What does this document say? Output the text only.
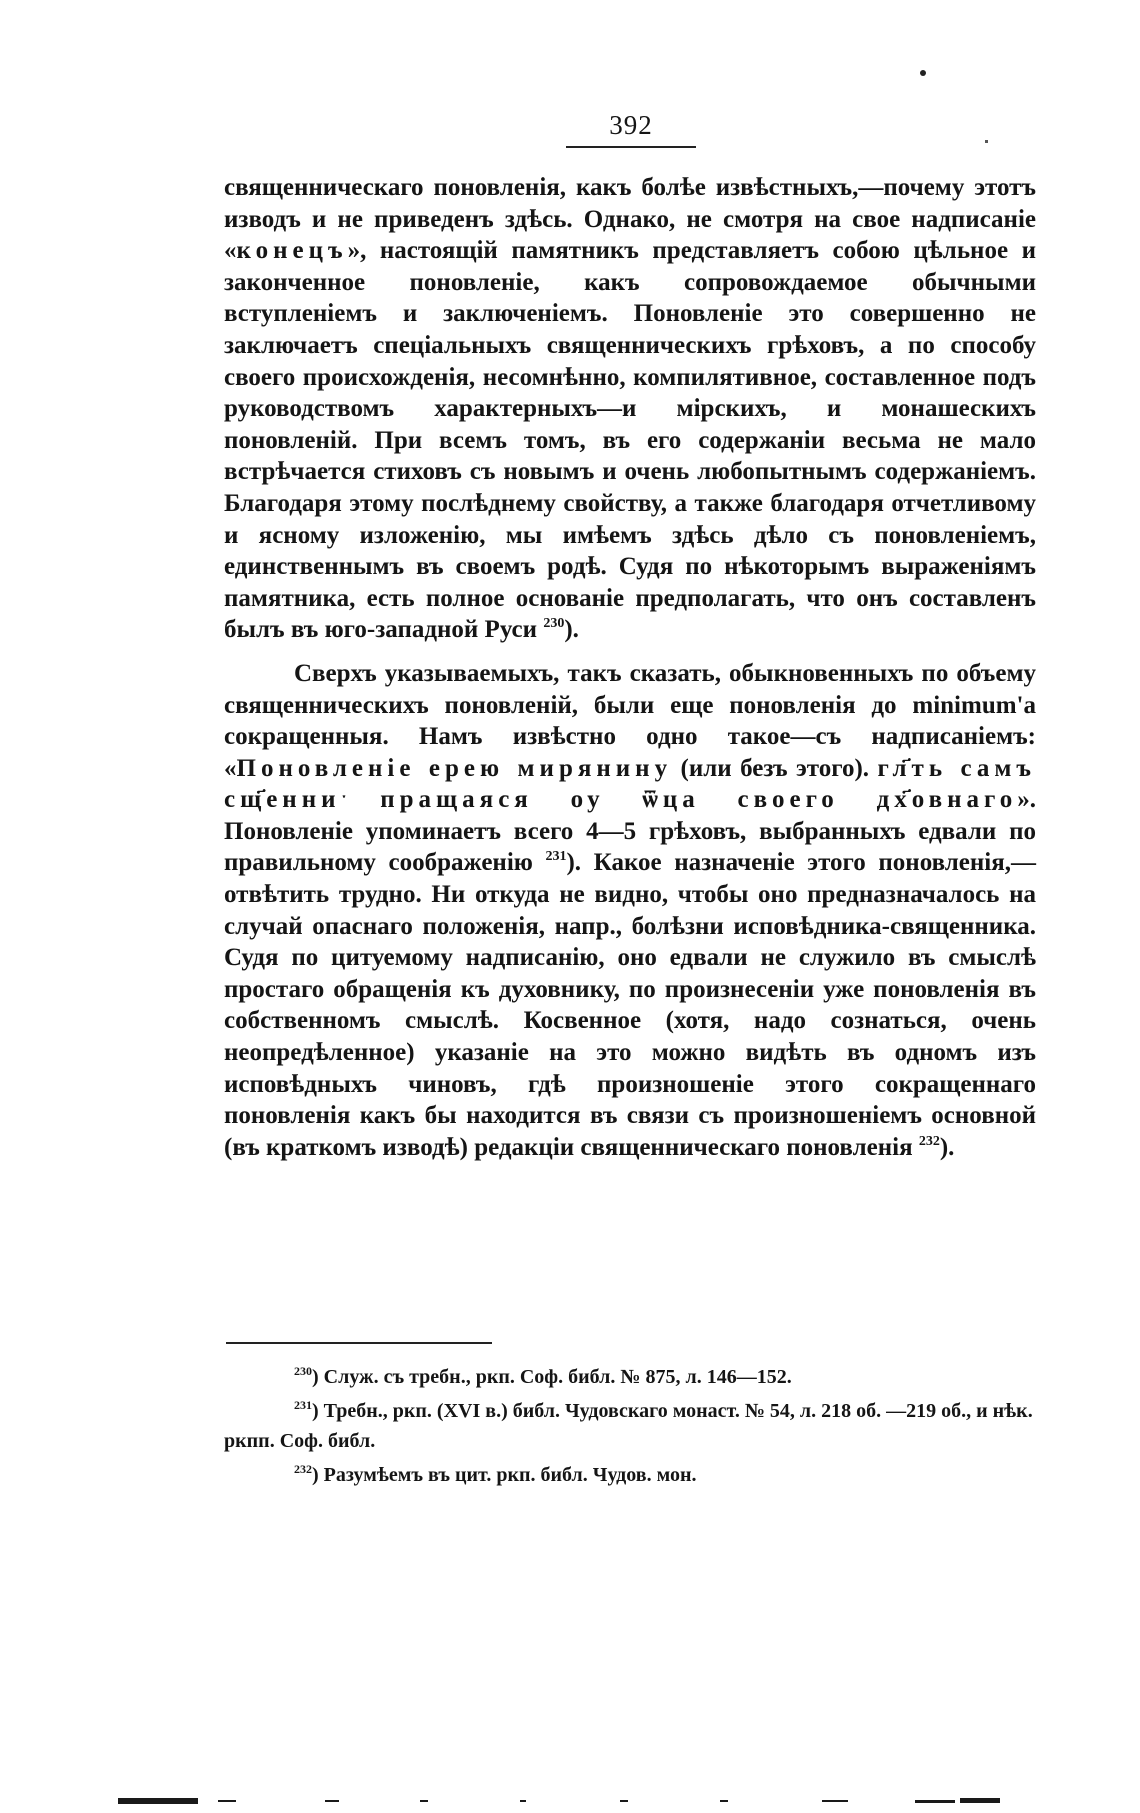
392

священническаго поновленія, какъ болѣе извѣстныхъ,—почему этотъ изводъ и не приведенъ здѣсь. Однако, не смотря на свое надписаніе «конецъ», настоящій памятникъ представляетъ собою цѣльное и законченное поновленіе, какъ сопровождаемое обычными вступленіемъ и заключеніемъ. Поновленіе это совершенно не заключаетъ спеціальныхъ священническихъ грѣховъ, а по способу своего происхожденія, несомнѣнно, компилятивное, составленное подъ руководствомъ характерныхъ—и мірскихъ, и монашескихъ поновленій. При всемъ томъ, въ его содержаніи весьма не мало встрѣчается стиховъ съ новымъ и очень любопытнымъ содержаніемъ. Благодаря этому послѣднему свойству, а также благодаря отчетливому и ясному изложенію, мы имѣемъ здѣсь дѣло съ поновленіемъ, единственнымъ въ своемъ родѣ. Судя по нѣкоторымъ выраженіямъ памятника, есть полное основаніе предполагать, что онъ составленъ былъ въ юго-западной Руси $^{230}$).

Сверхъ указываемыхъ, такъ сказать, обыкновенныхъ по объему священническихъ поновленій, были еще поновленія до minimum'а сокращенныя. Намъ извѣстно одно такое—съ надписаніемъ: «Поновленіе ерею мирянину (или безъ этого). гл҃ть самъ сщ҃енниˑ пращаяся оу ѿца своего дх҃овнаго». Поновленіе упоминаетъ всего 4—5 грѣховъ, выбранныхъ едвали по правильному соображенію $^{231}$). Какое назначеніе этого поновленія,—отвѣтить трудно. Ни откуда не видно, чтобы оно предназначалось на случай опаснаго положенія, напр., болѣзни исповѣдника-священника. Судя по цитуемому надписанію, оно едвали не служило въ смыслѣ простаго обращенія къ духовнику, по произнесеніи уже поновленія въ собственномъ смыслѣ. Косвенное (хотя, надо сознаться, очень неопредѣленное) указаніе на это можно видѣть въ одномъ изъ исповѣдныхъ чиновъ, гдѣ произношеніе этого сокращеннаго поновленія какъ бы находится въ связи съ произношеніемъ основной (въ краткомъ изводѣ) редакціи священническаго поновленія $^{232}$).

$^{230}$) Служ. съ требн., ркп. Соф. библ. № 875, л. 146—152.

$^{231}$) Требн., ркп. (XVI в.) библ. Чудовскаго монаст. № 54, л. 218 об. —219 об., и нѣк. ркпп. Соф. библ.

$^{232}$) Разумѣемъ въ цит. ркп. библ. Чудов. мон.
